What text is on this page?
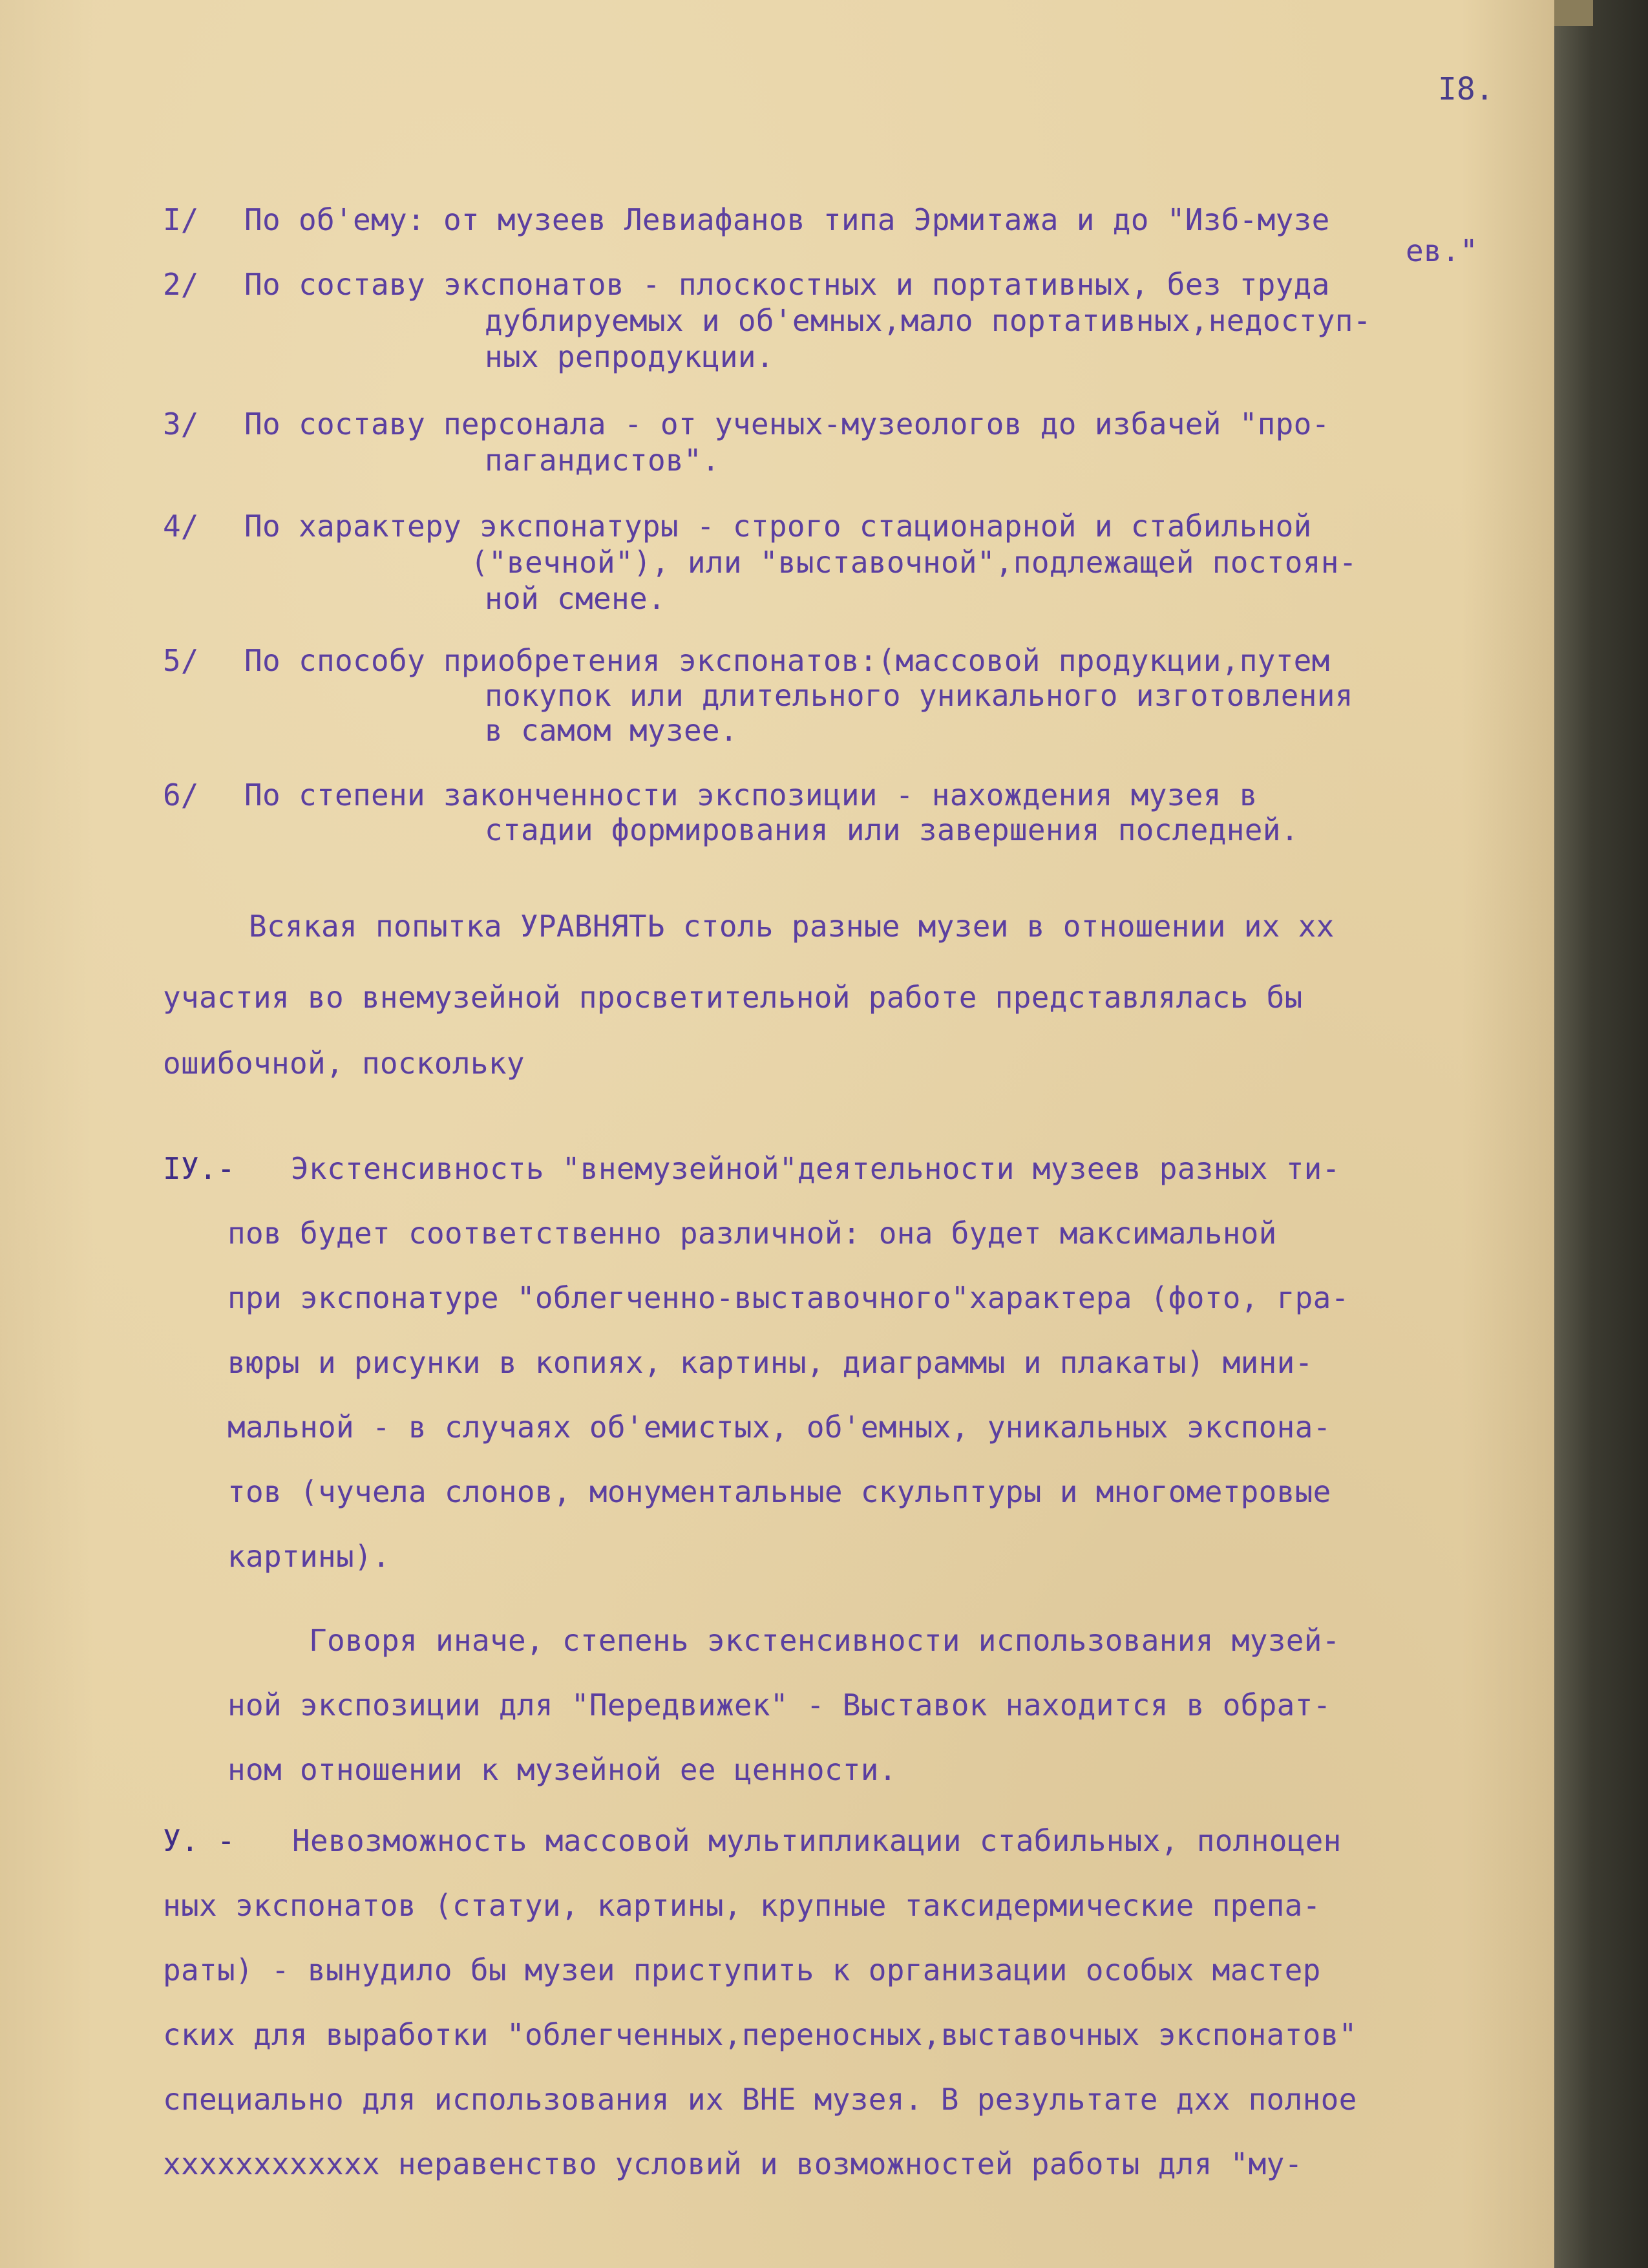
I8.
I/ По об'ему: от музеев Левиафанов типа Эрмитажа и до "Изб-музе
ев."
2/ По составу экспонатов - плоскостных и портативных, без труда
дублируемых и об'емных,мало портативных,недоступ-
ных репродукции.
3/ По составу персонала - от ученых-музеологов до избачей "про-
пагандистов".
4/ По характеру экспонатуры - строго стационарной и стабильной
("вечной"), или "выставочной",подлежащей постоян-
ной смене.
5/ По способу приобретения экспонатов:(массовой продукции,путем
покупок или длительного уникального изготовления
в самом музее.
6/ По степени законченности экспозиции - нахождения музея в
стадии формирования или завершения последней.
Всякая попытка УРАВНЯТЬ столь разные музеи в отношении их хх
участия во внемузейной просветительной работе представлялась бы
ошибочной, поскольку
IУ.- Экстенсивность "внемузейной"деятельности музеев разных ти-
пов будет соответственно различной: она будет максимальной
при экспонатуре "облегченно-выставочного"характера (фото, гра-
вюры и рисунки в копиях, картины, диаграммы и плакаты) мини-
мальной - в случаях об'емистых, об'емных, уникальных экспона-
тов (чучела слонов, монументальные скульптуры и многометровые
картины).
Говоря иначе, степень экстенсивности использования музей-
ной экспозиции для "Передвижек" - Выставок находится в обрат-
ном отношении к музейной ее ценности.
У. - Невозможность массовой мультипликации стабильных, полноцен
ных экспонатов (статуи, картины, крупные таксидермические препа-
раты) - вынудило бы музеи приступить к организации особых мастер
ских для выработки "облегченных,переносных,выставочных экспонатов"
специально для использования их ВНЕ музея. В результате дхх полное
хххххххххххх неравенство условий и возможностей работы для "му-
